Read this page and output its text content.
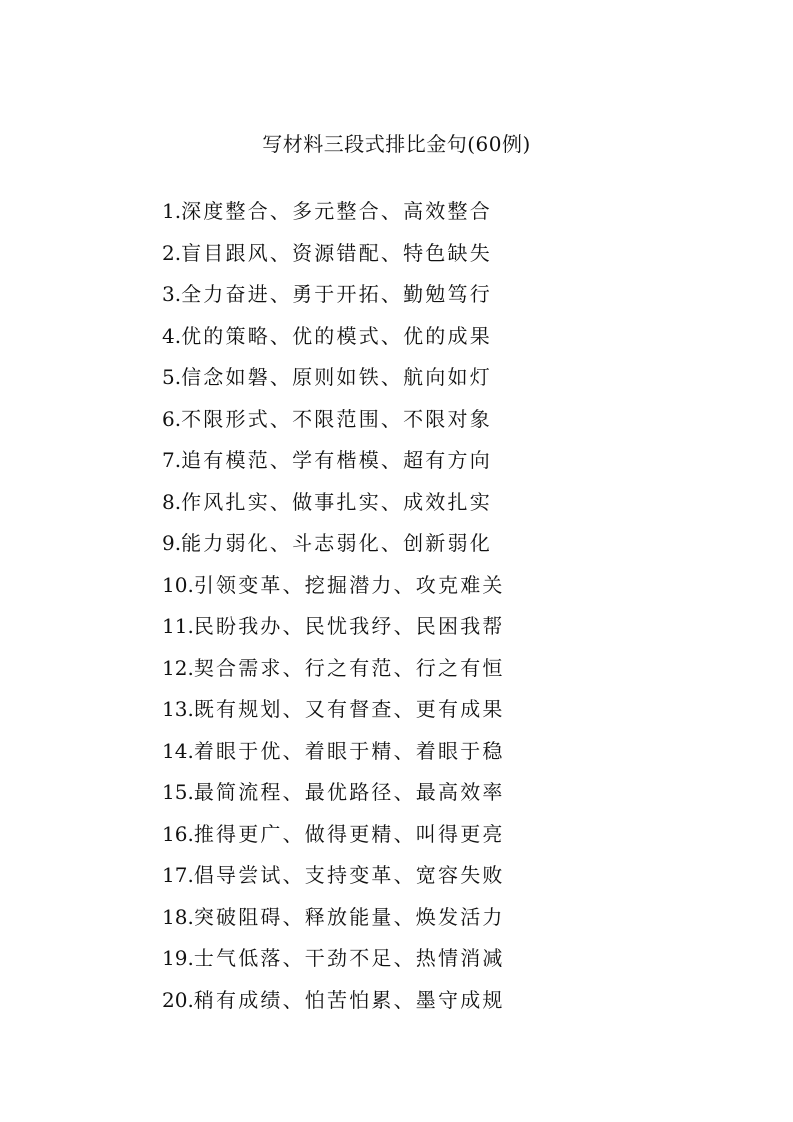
写材料三段式排比金句(60例)
1.深度整合、多元整合、高效整合
2.盲目跟风、资源错配、特色缺失
3.全力奋进、勇于开拓、勤勉笃行
4.优的策略、优的模式、优的成果
5.信念如磐、原则如铁、航向如灯
6.不限形式、不限范围、不限对象
7.追有模范、学有楷模、超有方向
8.作风扎实、做事扎实、成效扎实
9.能力弱化、斗志弱化、创新弱化
10.引领变革、挖掘潜力、攻克难关
11.民盼我办、民忧我纾、民困我帮
12.契合需求、行之有范、行之有恒
13.既有规划、又有督查、更有成果
14.着眼于优、着眼于精、着眼于稳
15.最简流程、最优路径、最高效率
16.推得更广、做得更精、叫得更亮
17.倡导尝试、支持变革、宽容失败
18.突破阻碍、释放能量、焕发活力
19.士气低落、干劲不足、热情消减
20.稍有成绩、怕苦怕累、墨守成规
